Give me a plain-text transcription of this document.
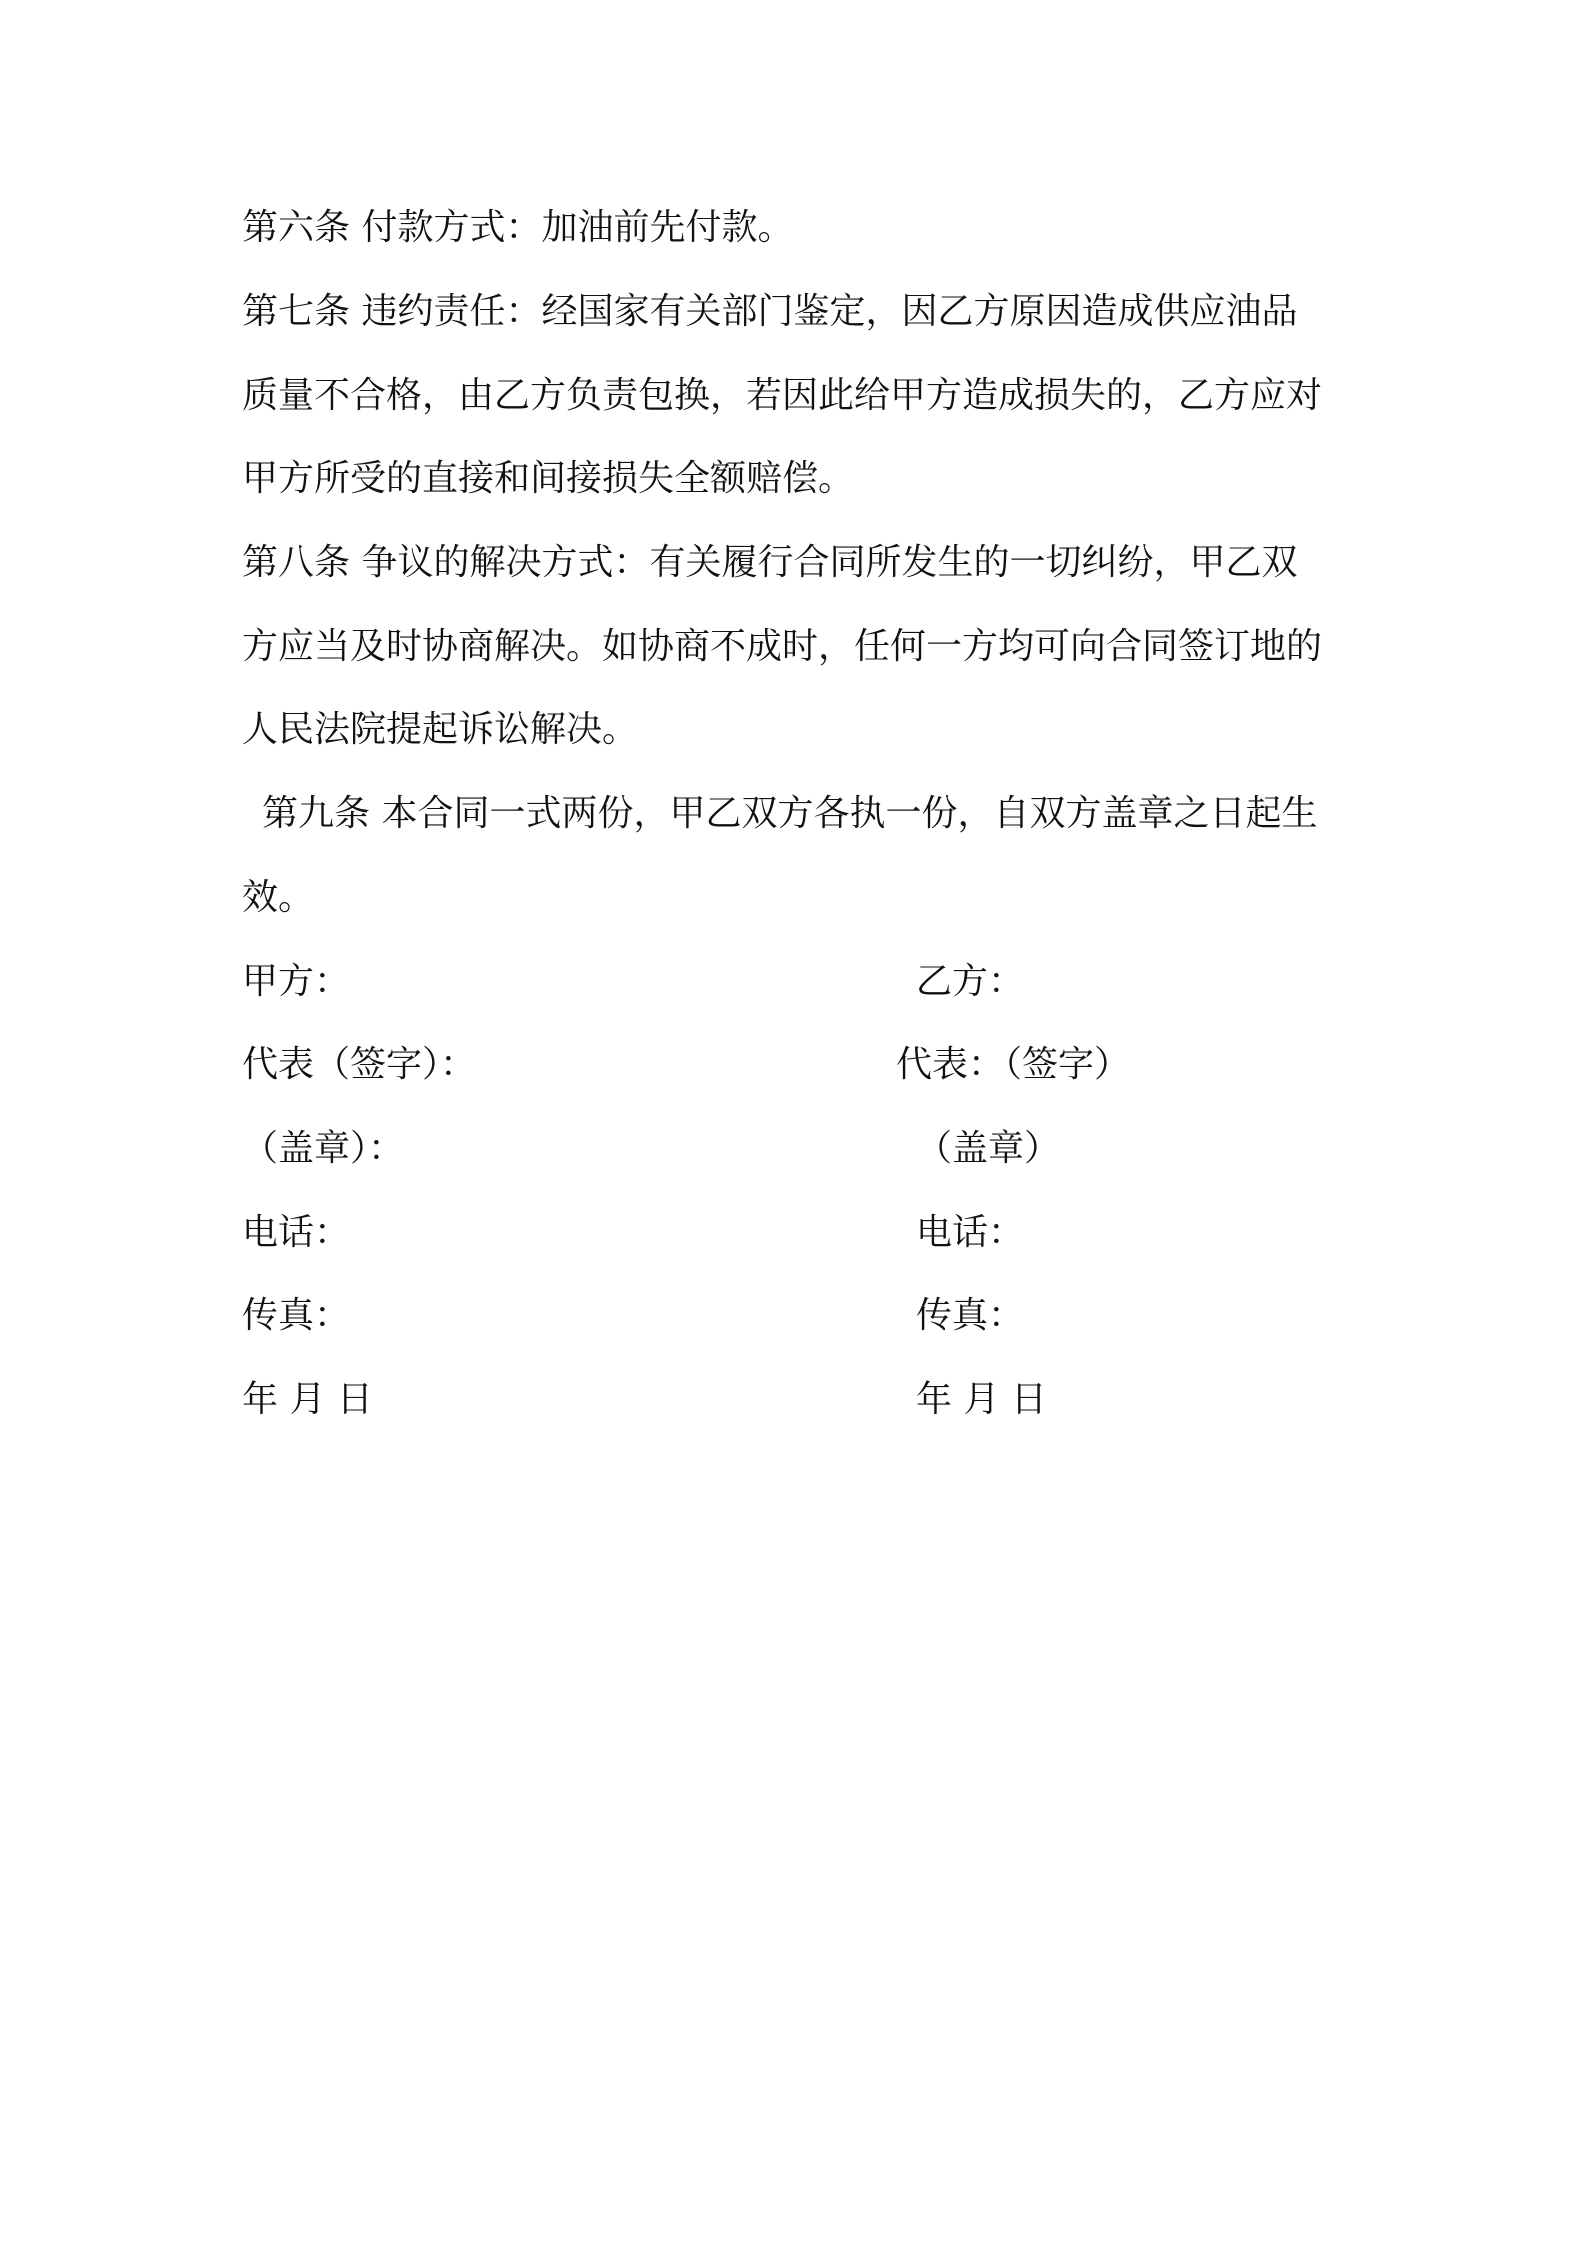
第六条 付款方式：加油前先付款。
第七条 违约责任：经国家有关部门鉴定，因乙方原因造成供应油品
质量不合格，由乙方负责包换，若因此给甲方造成损失的，乙方应对
甲方所受的直接和间接损失全额赔偿。
第八条 争议的解决方式：有关履行合同所发生的一切纠纷，甲乙双
方应当及时协商解决。如协商不成时，任何一方均可向合同签订地的
人民法院提起诉讼解决。
第九条 本合同一式两份，甲乙双方各执一份，自双方盖章之日起生
效。
甲方：	乙方：
代表（签字）：	代表：（签字）
（盖章）：	（盖章）
电话：	电话：
传真：	传真：
年 月 日	年 月 日
